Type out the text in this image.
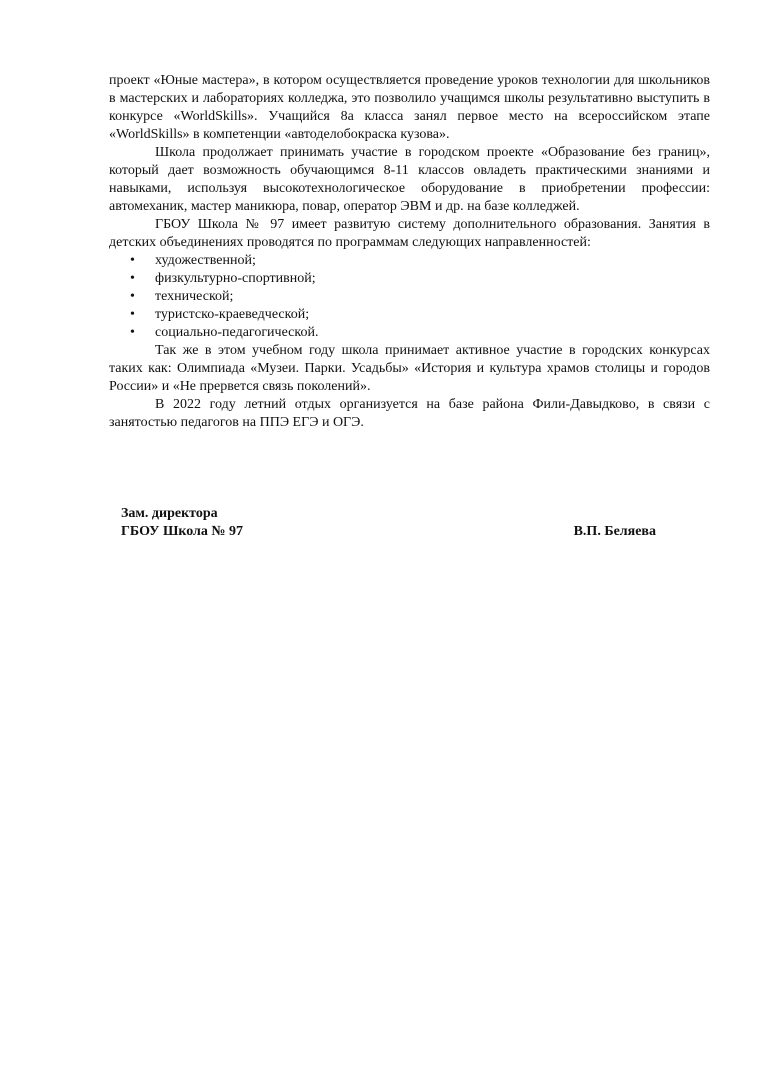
проект «Юные мастера», в котором осуществляется проведение уроков технологии для школьников в мастерских и лабораториях колледжа, это позволило учащимся школы результативно выступить в конкурсе «WorldSkills». Учащийся 8а класса занял первое место на всероссийском этапе «WorldSkills» в компетенции «автоделобокраска кузова».

Школа продолжает принимать участие в городском проекте «Образование без границ», который дает возможность обучающимся 8-11 классов овладеть практическими знаниями и навыками, используя высокотехнологическое оборудование в приобретении профессии: автомеханик, мастер маникюра, повар, оператор ЭВМ и др. на базе колледжей.

ГБОУ Школа № 97 имеет развитую систему дополнительного образования. Занятия в детских объединениях проводятся по программам следующих направленностей:

• художественной;
• физкультурно-спортивной;
• технической;
• туристско-краеведческой;
• социально-педагогической.

Так же в этом учебном году школа принимает активное участие в городских конкурсах таких как: Олимпиада «Музеи. Парки. Усадьбы» «История и культура храмов столицы и городов России» и «Не прервется связь поколений».

В 2022 году летний отдых организуется на базе района Фили-Давыдково, в связи с занятостью педагогов на ППЭ ЕГЭ и ОГЭ.

Зам. директора
ГБОУ Школа № 97	В.П. Беляева
